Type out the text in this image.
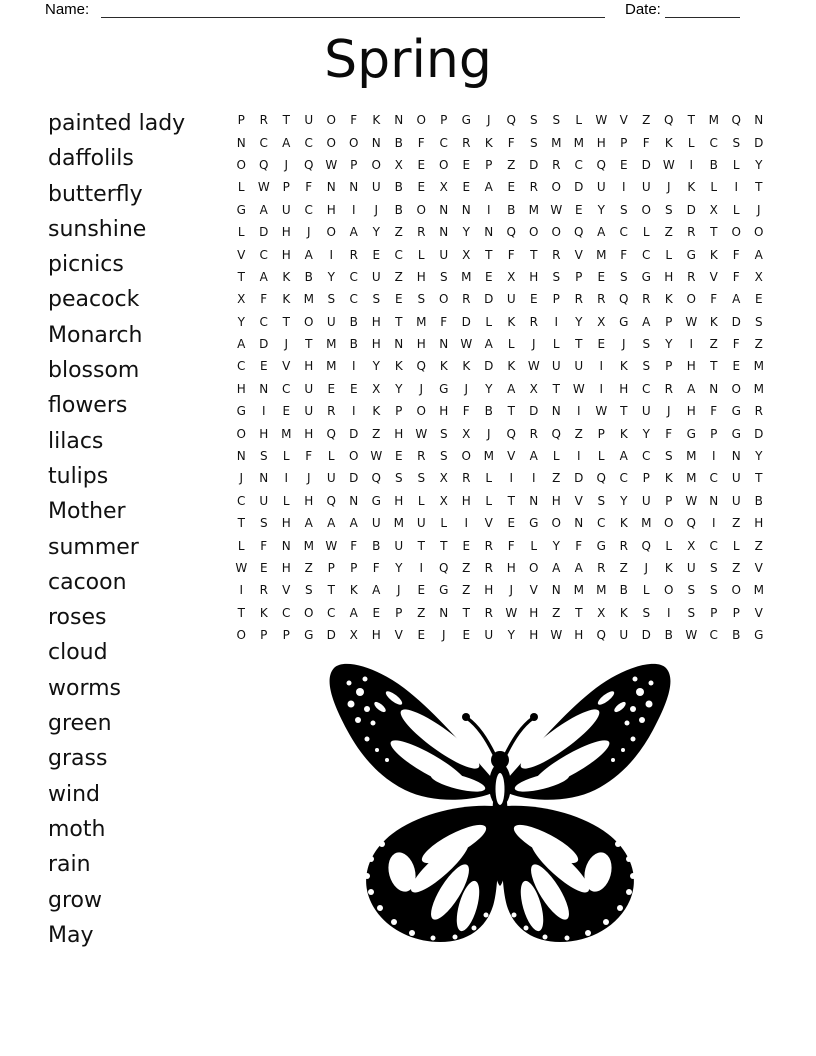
Name:	Date:
Spring
painted lady
daffolils
butterfly
sunshine
picnics
peacock
Monarch
blossom
flowers
lilacs
tulips
Mother
summer
cacoon
roses
cloud
worms
green
grass
wind
moth
rain
grow
May
P	R	T	U	O	F	K	N	O	P	G	J	Q	S	S	L	W	V	Z	Q	T	M	Q	N
N	C	A	C	O	O	N	B	F	C	R	K	F	S	M	M	H	P	F	K	L	C	S	D
O	Q	J	Q W	P	O	X	E	O	E	P	Z	D	R	C	Q	E	D W	I	B	L	Y
L	W	P	F	N	N	U	B	E	X	E	A	E	R	O	D	U	I	U	J	K	L	I	T
G	A	U	C	H	I	J	B	O	N	N	I	B	M W	E	Y	S	O	S	D	X	L	J
L	D	H	J	O	A	Y	Z	R	N	Y	N	Q	O	O	Q	A	C	L	Z	R	T	O	O
V	C	H	A	I	R	E	C	L	U	X	T	F	T	R	V	M	F	C	L	G	K	F	A
T	A	K	B	Y	C	U	Z	H	S	M	E	X	H	S	P	E	S	G	H	R	V	F	X
X	F	K	M	S	C	S	E	S	O	R	D	U	E	P	R	R	Q	R	K	O	F	A	E
Y	C	T	O	U	B	H	T	M	F	D	L	K	R	I	Y	X	G	A	P	W	K	D	S
A	D	J	T	M	B	H	N	H	N	W	A	L	J	L	T	E	J	S	Y	I	Z	F	Z
C	E	V	H	M	I	Y	K	Q	K	K	D	K	W	U	U	I	K	S	P	H	T	E	M
H	N	C	U	E	E	X	Y	J	G	J	Y	A	X	T	W	I	H	C	R	A	N	O	M
G	I	E	U	R	I	K	P	O	H	F	B	T	D	N	I	W	T	U	J	H	F	G	R
O	H	M	H	Q	D	Z	H	W	S	X	J	Q	R	Q	Z	P	K	Y	F	G	P	G	D
N	S	L	F	L	O W	E	R	S	O	M	V	A	L	I	L	A	C	S	M	I	N	Y
J	N	I	J	U	D	Q	S	S	X	R	L	I	I	Z	D	Q	C	P	K	M	C	U	T
C	U	L	H	Q	N	G	H	L	X	H	L	T	N	H	V	S	Y	U	P	W	N	U	B
T	S	H	A	A	A	U	M	U	L	I	V	E	G	O	N	C	K	M	O	Q	I	Z	H
L	F	N	M W	F	B	U	T	T	E	R	F	L	Y	F	G	R	Q	L	X	C	L	Z
W	E	H	Z	P	P	F	Y	I	Q	Z	R	H	O	A	A	R	Z	J	K	U	S	Z	V
I	R	V	S	T	K	A	J	E	G	Z	H	J	V	N	M	M	B	L	O	S	S	O	M
T	K	C	O	C	A	E	P	Z	N	T	R	W	H	Z	T	X	K	S	I	S	P	P	V
O	P	P	G	D	X	H	V	E	J	E	U	Y	H	W	H	Q	U	D	B	W	C	B	G
